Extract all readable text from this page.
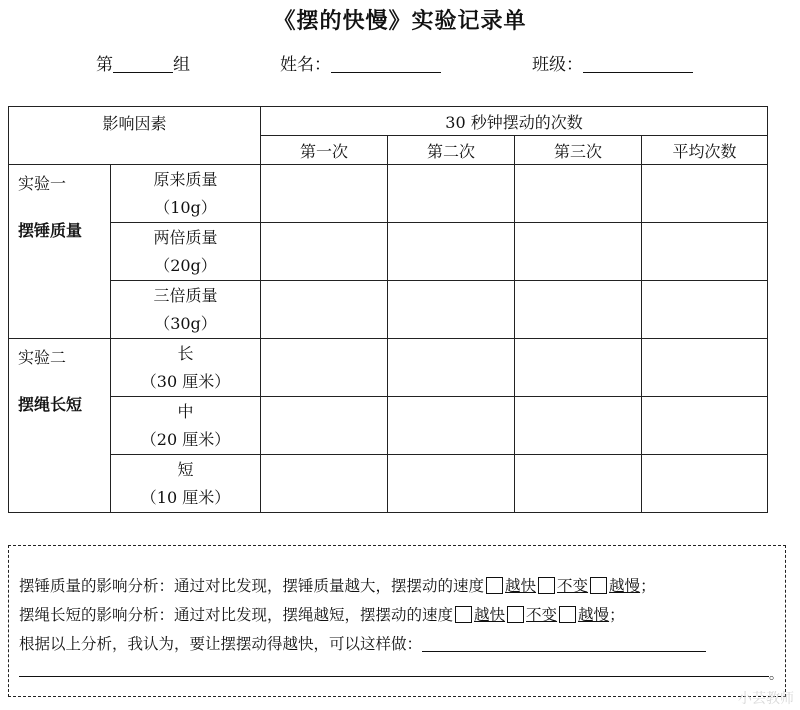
《摆的快慢》实验记录单
第	组	姓名：	班级：
影响因素		30 秒钟摆动的次数			
		第一次	第二次	第三次	平均次数

实验一
摆锤质量	原来质量
（10g）				

	两倍质量
（20g）				

	三倍质量
（30g）				

实验二
摆绳长短	长
（30 厘米）				

	中
（20 厘米）				

	短
（10 厘米）				

摆锤质量的影响分析：通过对比发现，摆锤质量越大，摆摆动的速度 越快 不变 越慢；
摆绳长短的影响分析：通过对比发现，摆绳越短，摆摆动的速度 越快 不变 越慢；
根据以上分析，我认为，要让摆摆动得越快，可以这样做：
。
小芸教师
